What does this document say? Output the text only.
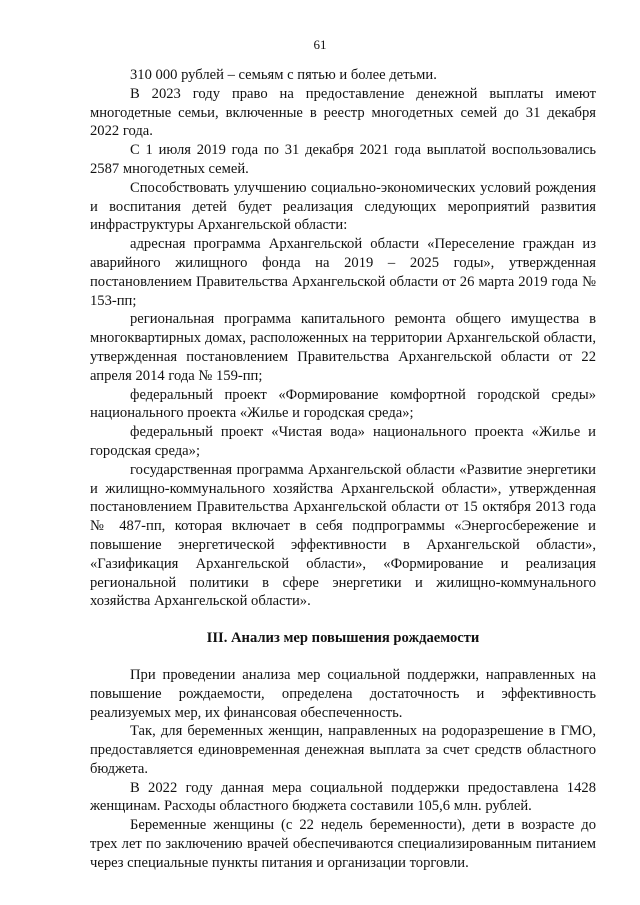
61

310 000 рублей – семьям с пятью и более детьми.

В 2023 году право на предоставление денежной выплаты имеют многодетные семьи, включенные в реестр многодетных семей до 31 декабря 2022 года.

С 1 июля 2019 года по 31 декабря 2021 года выплатой воспользовались 2587 многодетных семей.

Способствовать улучшению социально-экономических условий рождения и воспитания детей будет реализация следующих мероприятий развития инфраструктуры Архангельской области:

адресная программа Архангельской области «Переселение граждан из аварийного жилищного фонда на 2019 – 2025 годы», утвержденная постановлением Правительства Архангельской области от 26 марта 2019 года № 153-пп;

региональная программа капитального ремонта общего имущества в многоквартирных домах, расположенных на территории Архангельской области, утвержденная постановлением Правительства Архангельской области от 22 апреля 2014 года № 159-пп;

федеральный проект «Формирование комфортной городской среды» национального проекта «Жилье и городская среда»;

федеральный проект «Чистая вода» национального проекта «Жилье и городская среда»;

государственная программа Архангельской области «Развитие энергетики и жилищно-коммунального хозяйства Архангельской области», утвержденная постановлением Правительства Архангельской области от 15 октября 2013 года № 487-пп, которая включает в себя подпрограммы «Энергосбережение и повышение энергетической эффективности в Архангельской области», «Газификация Архангельской области», «Формирование и реализация региональной политики в сфере энергетики и жилищно-коммунального хозяйства Архангельской области».

III. Анализ мер повышения рождаемости

При проведении анализа мер социальной поддержки, направленных на повышение рождаемости, определена достаточность и эффективность реализуемых мер, их финансовая обеспеченность.

Так, для беременных женщин, направленных на родоразрешение в ГМО, предоставляется единовременная денежная выплата за счет средств областного бюджета.

В 2022 году данная мера социальной поддержки предоставлена 1428 женщинам. Расходы областного бюджета составили 105,6 млн. рублей.

Беременные женщины (с 22 недель беременности), дети в возрасте до трех лет по заключению врачей обеспечиваются специализированным питанием через специальные пункты питания и организации торговли.
